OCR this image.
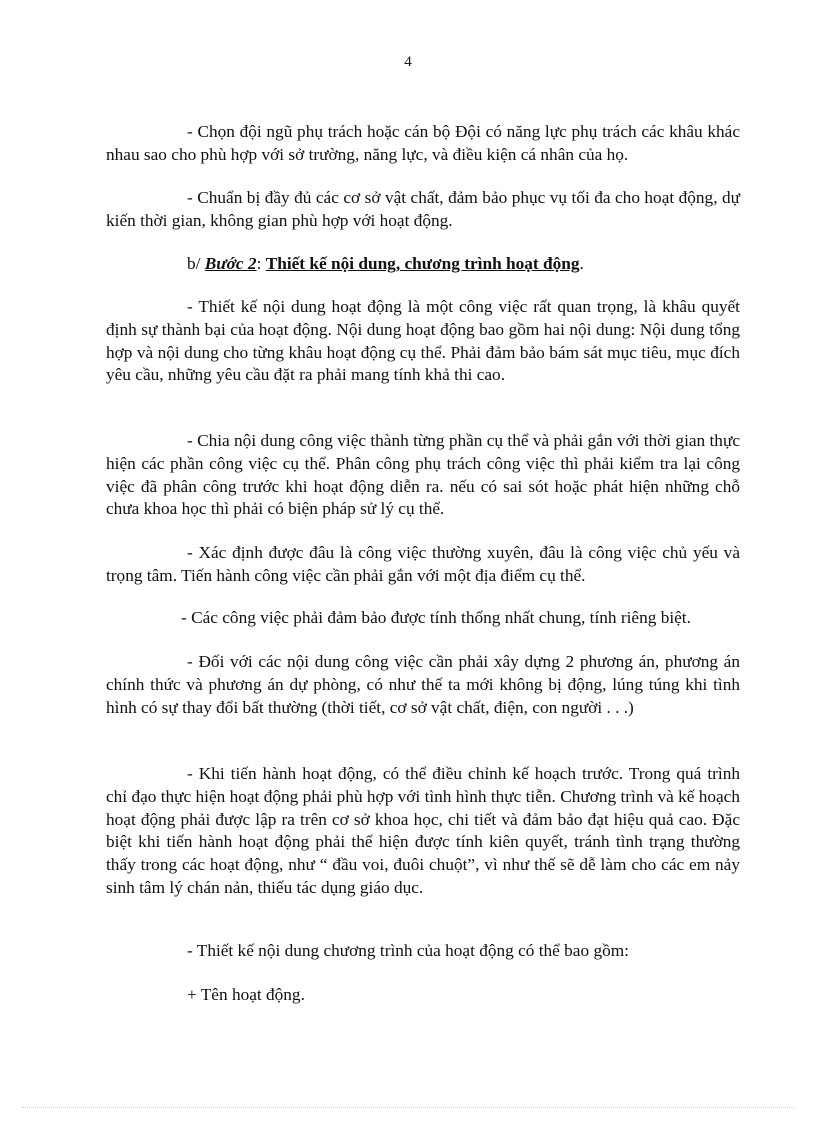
4

- Chọn đội ngũ phụ trách hoặc cán bộ Đội có năng lực phụ trách các khâu khác nhau sao cho phù hợp với sở trường, năng lực, và điều kiện cá nhân của họ.

- Chuẩn bị đầy đủ các cơ sở vật chất, đảm bảo phục vụ tối đa cho hoạt động, dự kiến thời gian, không gian phù hợp với hoạt động.

b/ Bước 2: Thiết kế nội dung, chương trình hoạt động.

- Thiết kế nội dung hoạt động là một công việc rất quan trọng, là khâu quyết định sự thành bại của hoạt động. Nội dung hoạt động bao gồm hai nội dung: Nội dung tổng hợp và nội dung cho từng khâu hoạt động cụ thể. Phải đảm bảo bám sát mục tiêu, mục đích yêu cầu, những yêu cầu đặt ra phải mang tính khả thi cao.

- Chia nội dung công việc thành từng phần cụ thể và phải gắn với thời gian thực hiện các phần công việc cụ thể. Phân công phụ trách công việc thì phải kiểm tra lại công việc đã phân công trước khi hoạt động diễn ra. nếu có sai sót hoặc phát hiện những chỗ chưa khoa học thì phải có biện pháp sử lý cụ thể.

- Xác định được đâu là công việc thường xuyên, đâu là công việc chủ yếu và trọng tâm. Tiến hành công việc cần phải gắn với một địa điểm cụ thể.

- Các công việc phải đảm bảo được tính thống nhất chung, tính riêng biệt.

- Đối với các nội dung công việc cần phải xây dựng 2 phương án, phương án chính thức và phương án dự phòng, có như thế ta mới không bị động, lúng túng khi tình hình có sự thay đổi bất thường (thời tiết, cơ sở vật chất, điện, con người . . .)

- Khi tiến hành hoạt động, có thể điều chỉnh kế hoạch trước. Trong quá trình chỉ đạo thực hiện hoạt động phải phù hợp với tình hình thực tiễn. Chương trình và kế hoạch hoạt động phải được lập ra trên cơ sở khoa học, chi tiết và đảm bảo đạt hiệu quả cao. Đặc biệt khi tiến hành hoạt động phải thể hiện được tính kiên quyết, tránh tình trạng thường thấy trong các hoạt động, như “ đầu voi, đuôi chuột”, vì như thế sẽ dễ làm cho các em nảy sinh tâm lý chán nản, thiếu tác dụng giáo dục.

- Thiết kế nội dung chương trình của hoạt động có thể bao gồm:

+ Tên hoạt động.
